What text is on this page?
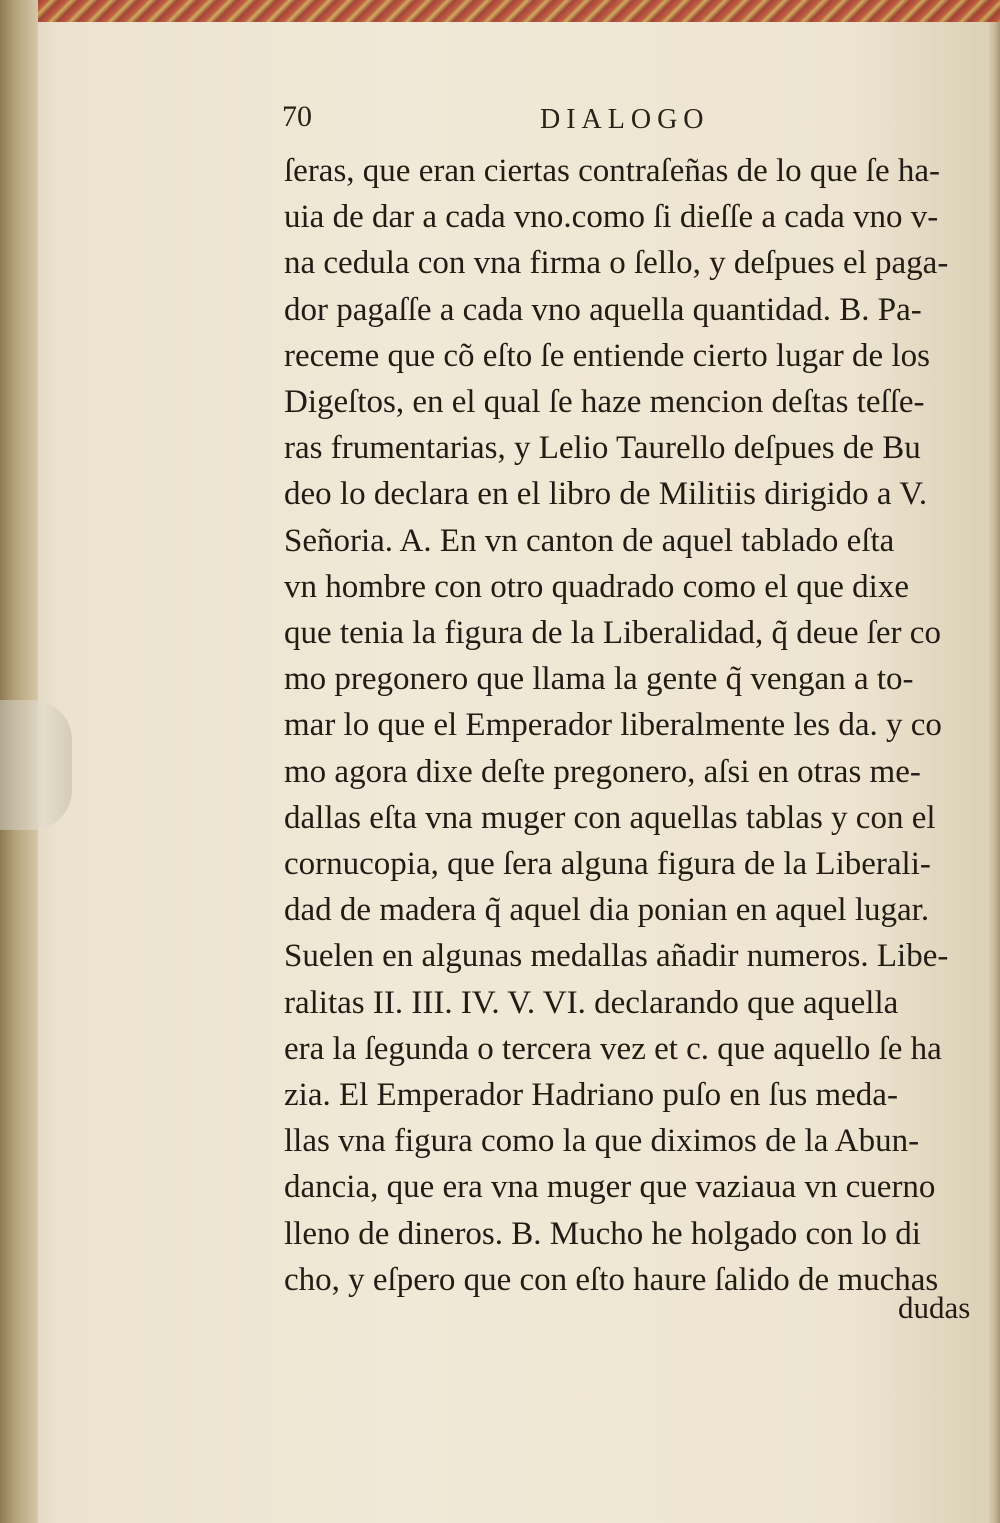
70	DIALOGO
ſeras, que eran ciertas contraſeñas de lo que ſe ha-
uia de dar a cada vno.como ſi dieſſe a cada vno v-
na cedula con vna firma o ſello, y deſpues el paga-
dor pagaſſe a cada vno aquella quantidad. B. Pa-
receme que cõ eſto ſe entiende cierto lugar de los
Digeſtos, en el qual ſe haze mencion deſtas teſſe-
ras frumentarias, y Lelio Taurello deſpues de Bu
deo lo declara en el libro de Militiis dirigido a V.
Señoria. A. En vn canton de aquel tablado eſta
vn hombre con otro quadrado como el que dixe
que tenia la figura de la Liberalidad, q̃ deue ſer co
mo pregonero que llama la gente q̃ vengan a to-
mar lo que el Emperador liberalmente les da. y co
mo agora dixe deſte pregonero, aſsi en otras me-
dallas eſta vna muger con aquellas tablas y con el
cornucopia, que ſera alguna figura de la Liberali-
dad de madera q̃ aquel dia ponian en aquel lugar.
Suelen en algunas medallas añadir numeros. Libe-
ralitas II. III. IV. V. VI. declarando que aquella
era la ſegunda o tercera vez et c. que aquello ſe ha
zia. El Emperador Hadriano puſo en ſus meda-
llas vna figura como la que diximos de la Abun-
dancia, que era vna muger que vaziaua vn cuerno
lleno de dineros. B. Mucho he holgado con lo di
cho, y eſpero que con eſto haure ſalido de muchas
dudas
